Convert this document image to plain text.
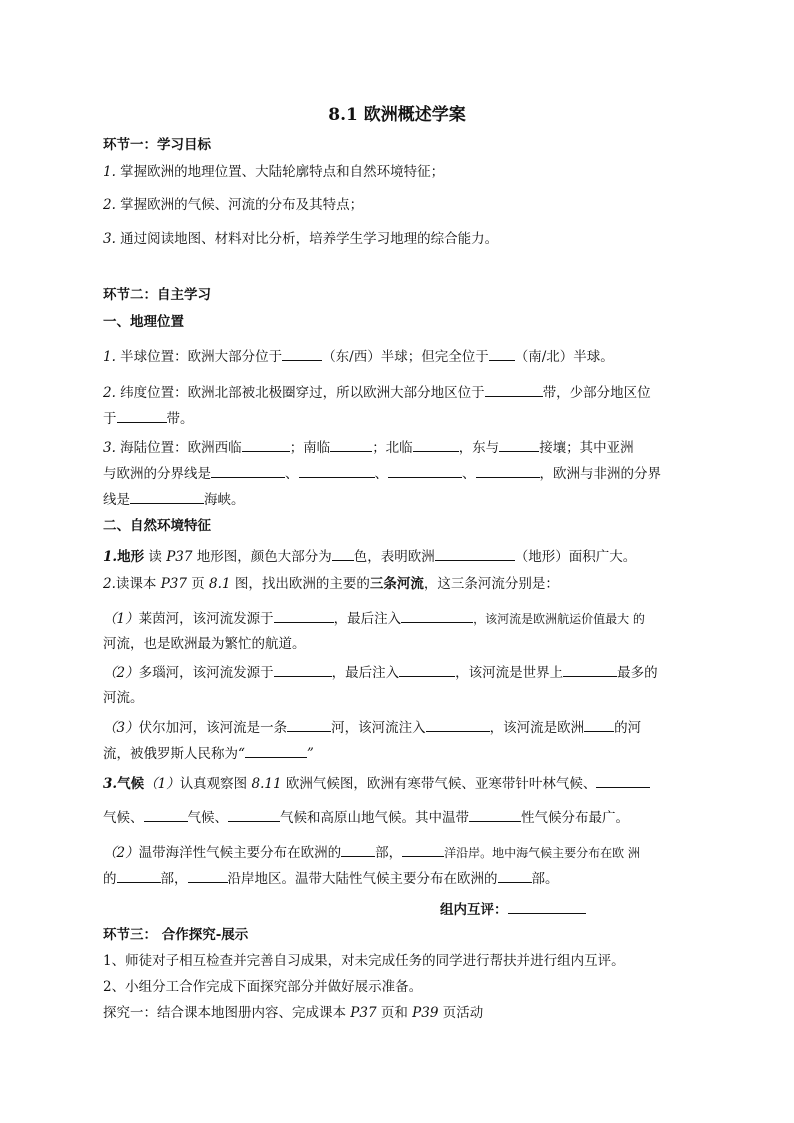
8.1 欧洲概述学案
环节一：学习目标
1. 掌握欧洲的地理位置、大陆轮廓特点和自然环境特征；
2. 掌握欧洲的气候、河流的分布及其特点；
3. 通过阅读地图、材料对比分析，培养学生学习地理的综合能力。
环节二：自主学习
一、地理位置
1. 半球位置：欧洲大部分位于	（东/西）半球；但完全位于 （南/北）半球。
2. 纬度位置：欧洲北部被北极圈穿过，所以欧洲大部分地区位于	带，少部分地区位
于	带。
3. 海陆位置：欧洲西临	；南临	；北临	，东与	接壤；其中亚洲
与欧洲的分界线是	、	、	、	，欧洲与非洲的分界
线是	海峡。
二、自然环境特征
1.地形 读 P37 地形图，颜色大部分为 色，表明欧洲	（地形）面积广大。
2.读课本 P37 页 8.1 图，找出欧洲的主要的三条河流，这三条河流分别是：
（1）莱茵河，该河流发源于	，最后注入	，该河流是欧洲航运价值最大 的
河流，也是欧洲最为繁忙的航道。
（2）多瑙河，该河流发源于	，最后注入	，该河流是世界上	最多的
河流。
（3）伏尔加河，该河流是一条	河，该河流注入	，该河流是欧洲 的河
流，被俄罗斯人民称为“	”
3.气候（1）认真观察图 8.11 欧洲气候图，欧洲有寒带气候、亚寒带针叶林气候、
气候、	气候、	气候和高原山地气候。其中温带	性气候分布最广。
（2）温带海洋性气候主要分布在欧洲的	部，	洋沿岸。地中海气候主要分布在欧 洲
的	部，	沿岸地区。温带大陆性气候主要分布在欧洲的	部。
组内互评：
环节三： 合作探究-展示
1、师徒对子相互检查并完善自习成果，对未完成任务的同学进行帮扶并进行组内互评。
2、小组分工合作完成下面探究部分并做好展示准备。
探究一：结合课本地图册内容、完成课本 P37 页和 P39 页活动
